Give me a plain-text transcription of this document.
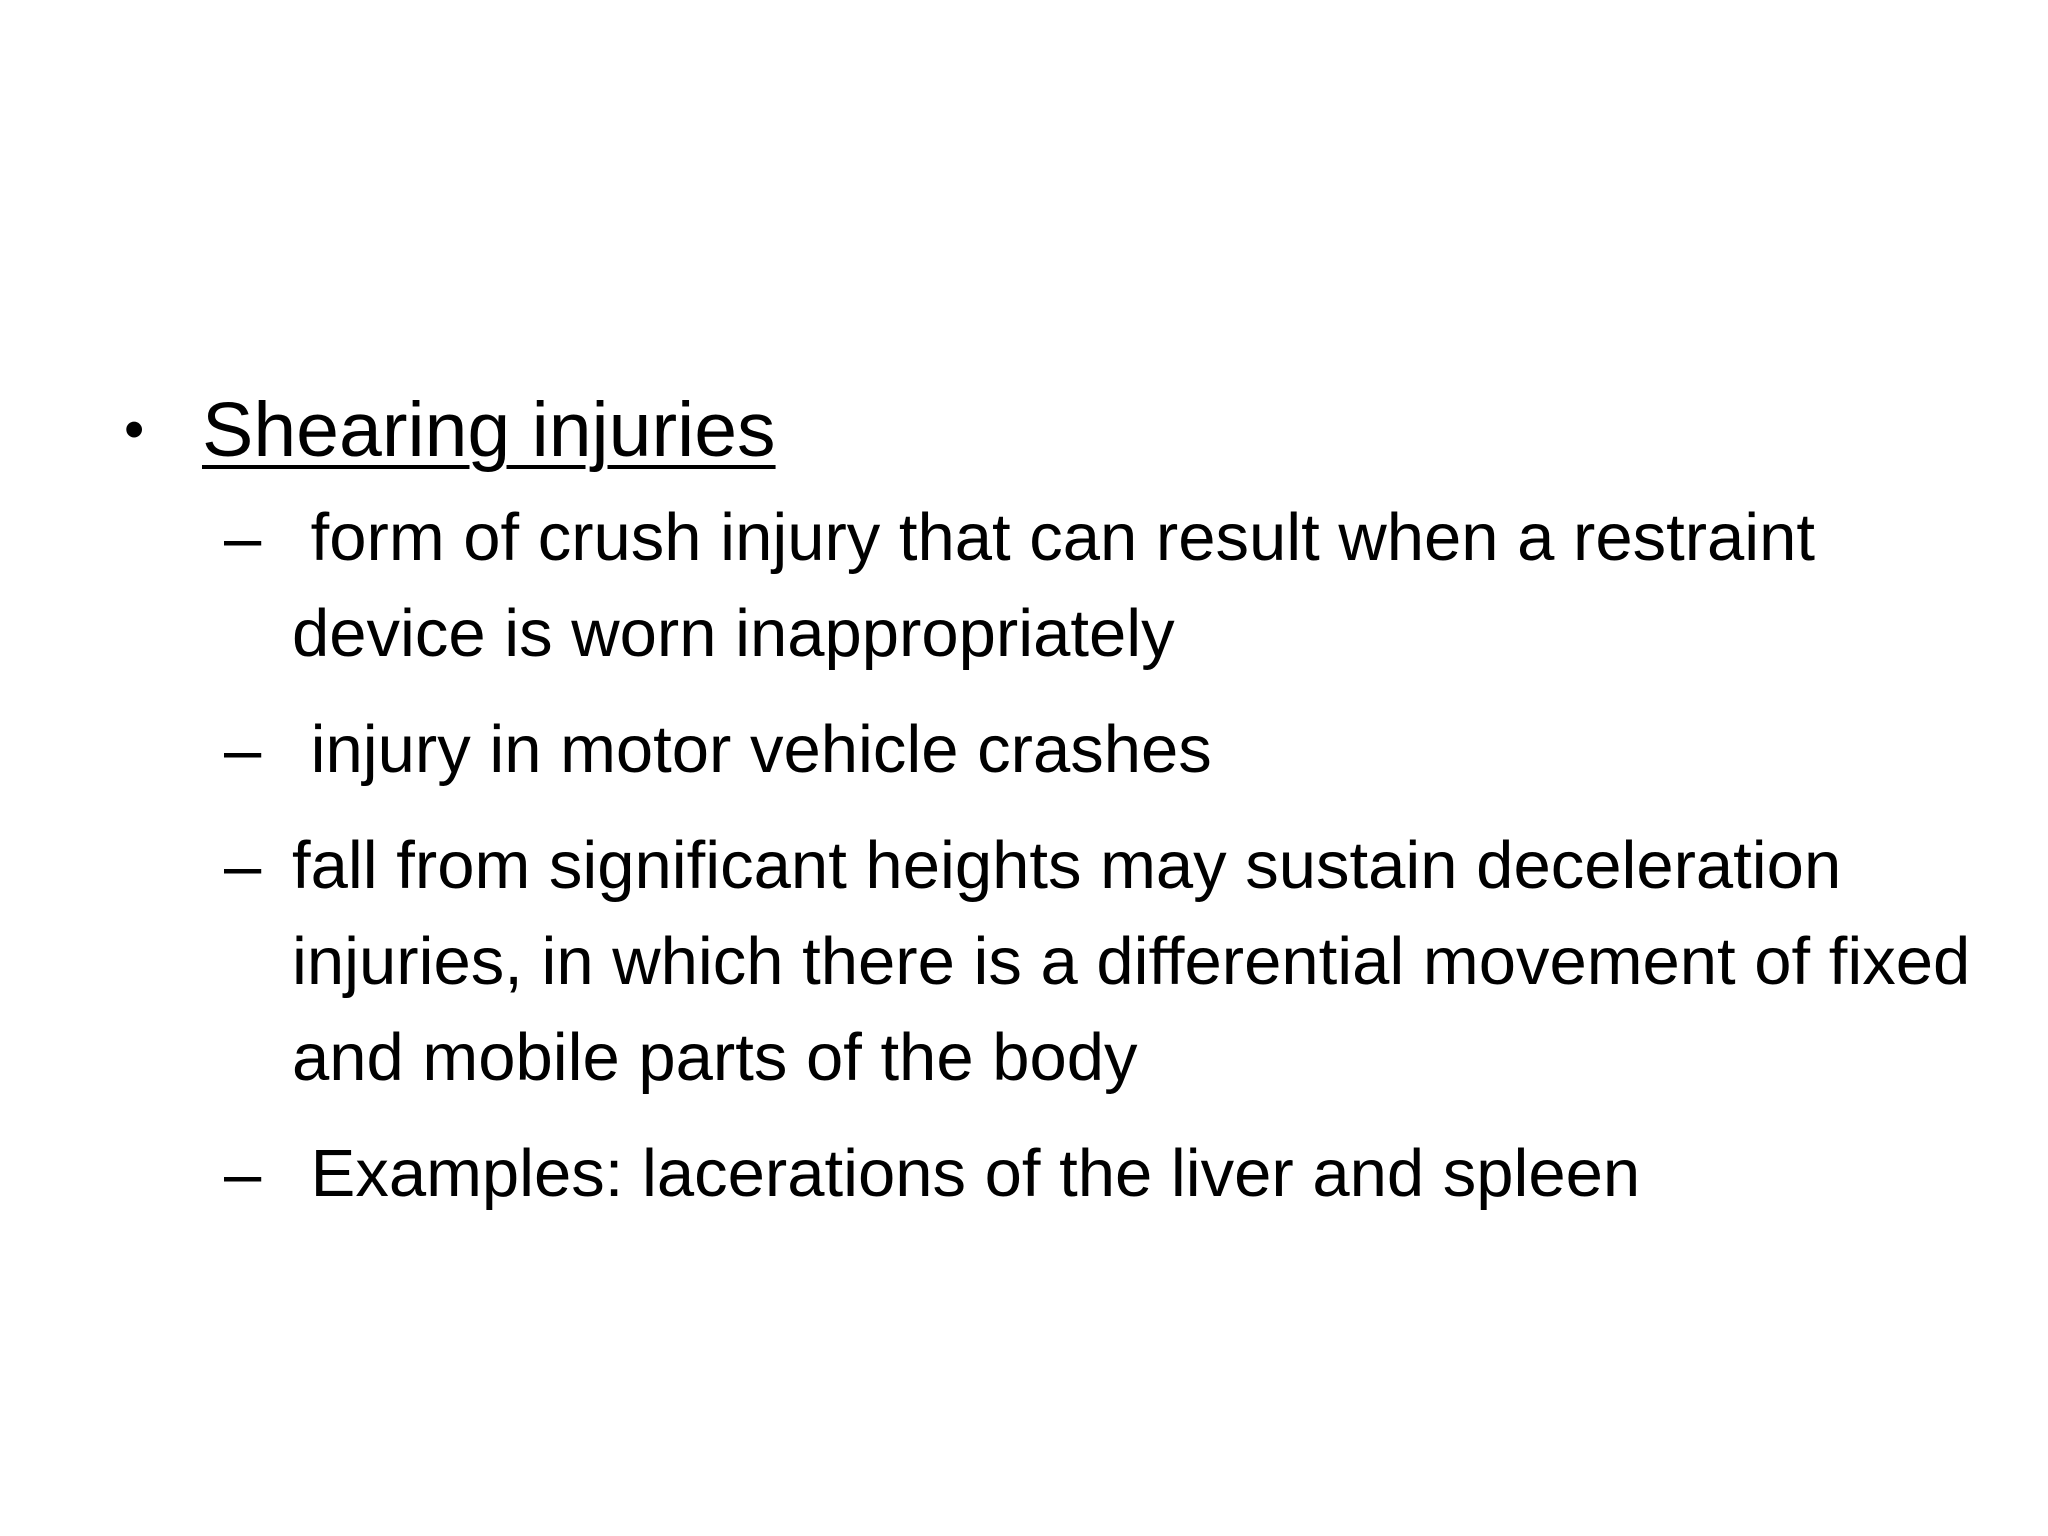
• Shearing injuries
– form of crush injury that can result when a restraint device is worn inappropriately
– injury in motor vehicle crashes
– fall from significant heights may sustain deceleration injuries, in which there is a differential movement of fixed and mobile parts of the body
– Examples: lacerations of the liver and spleen
